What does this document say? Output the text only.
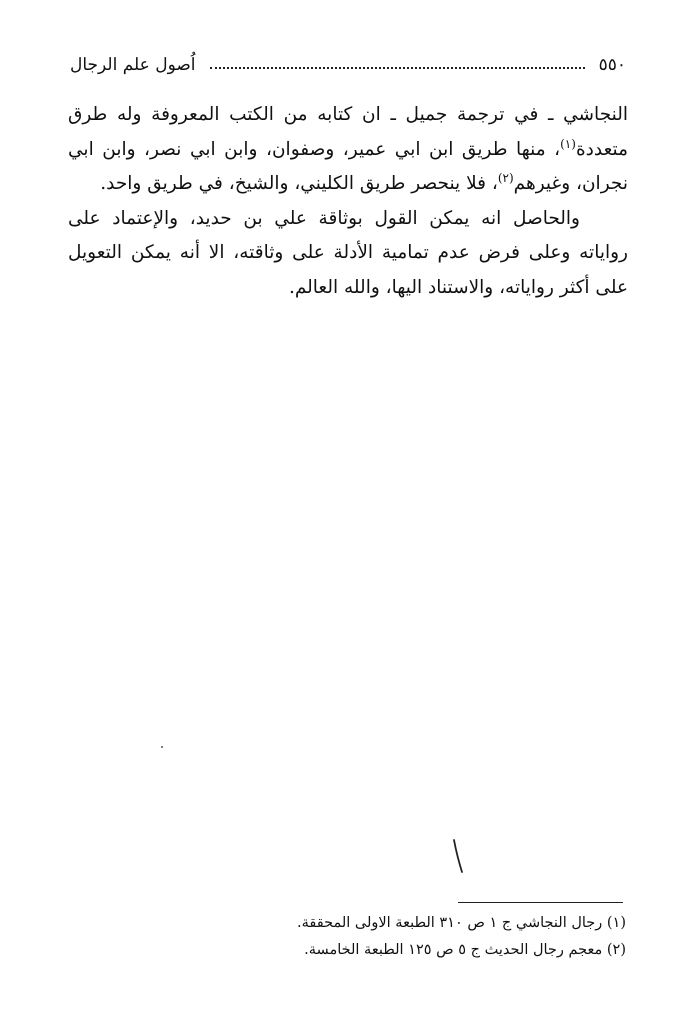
٥٥٠
اُصول علم الرجال

النجاشي ـ في ترجمة جميل ـ ان كتابه من الكتب المعروفة وله طرق متعددة$^{(١)}$، منها طريق ابن ابي عمير، وصفوان، وابن ابي نصر، وابن ابي نجران، وغيرهم$^{(٢)}$، فلا ينحصر طريق الكليني، والشيخ، في طريق واحد.

والحاصل انه يمكن القول بوثاقة علي بن حديد، والإعتماد على رواياته وعلى فرض عدم تمامية الأدلة على وثاقته، الا أنه يمكن التعويل على أكثر رواياته، والاستناد اليها، والله العالم.

(١) رجال النجاشي ج ١ ص ٣١٠ الطبعة الاولى المحققة.

(٢) معجم رجال الحديث ج ٥ ص ١٢٥ الطبعة الخامسة.
